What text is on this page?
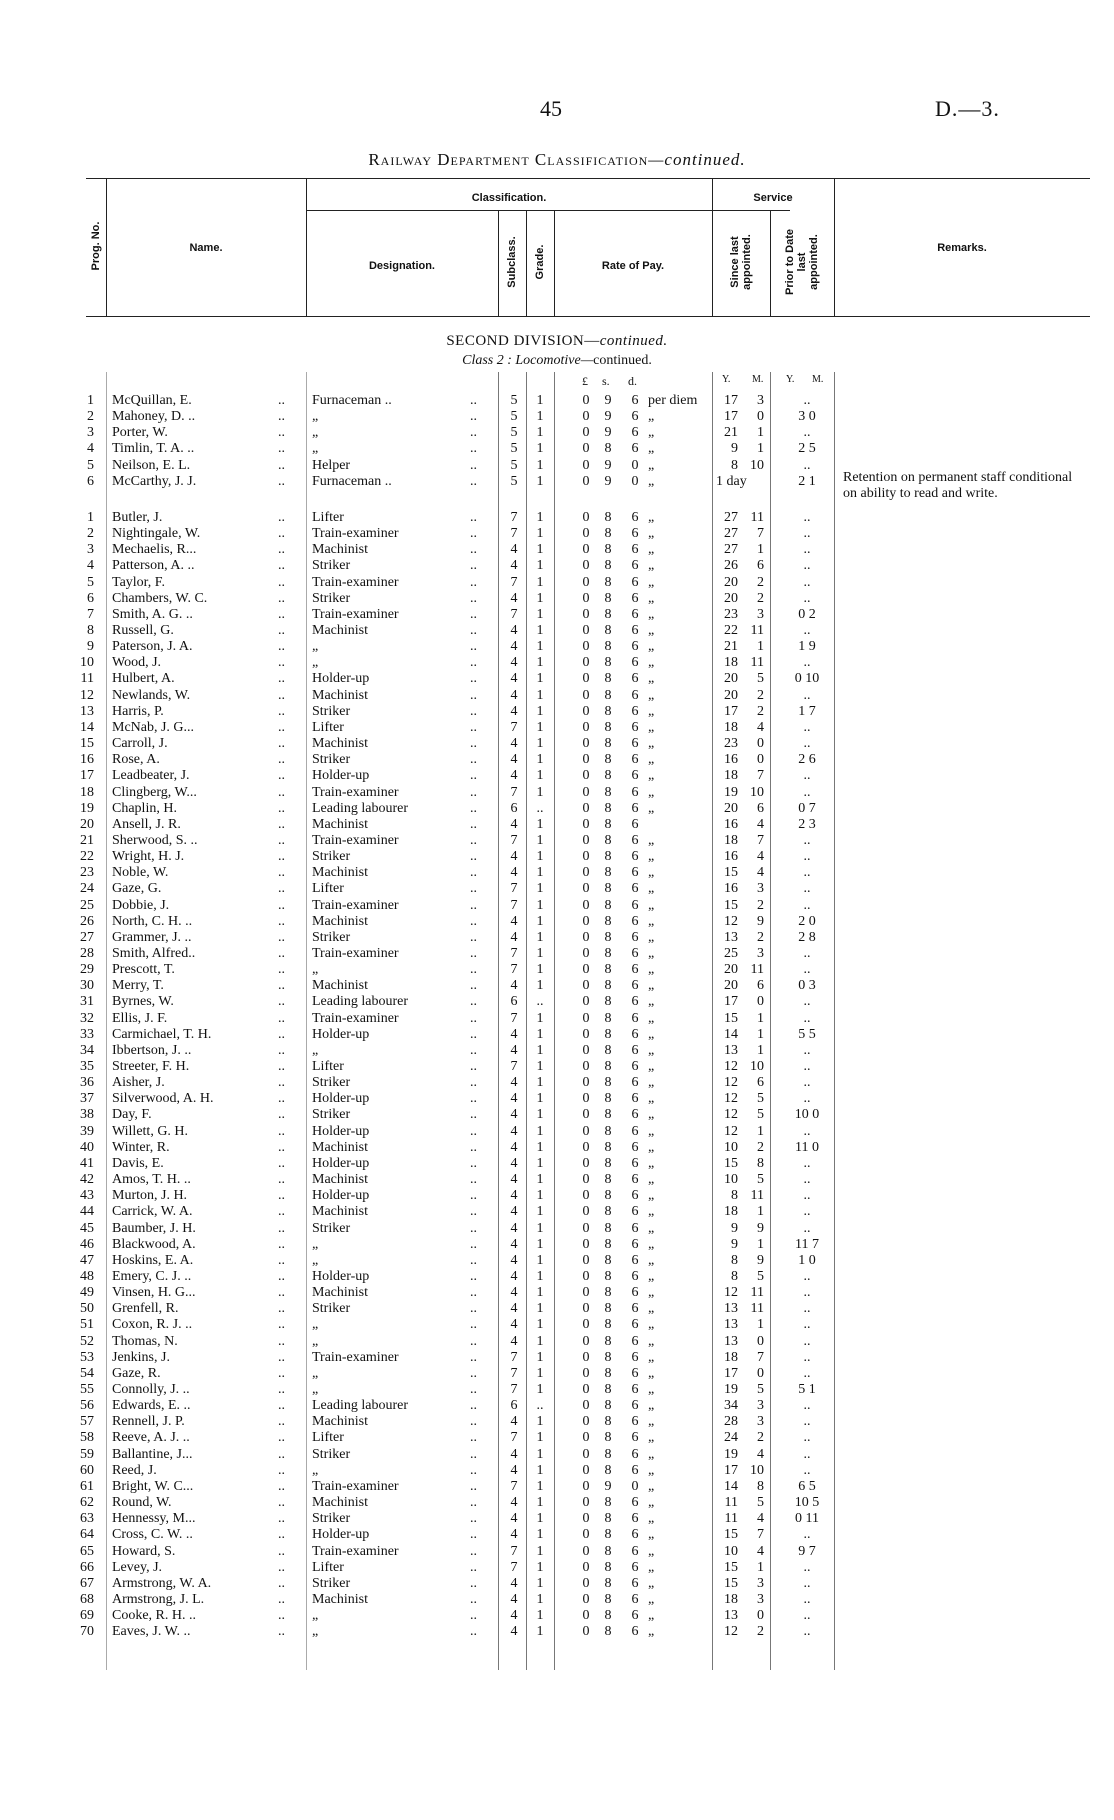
45	D.—3.
Railway Department Classification—continued.
Prog. No.	Name.
Classification.
Designation.	Subclass. Grade.	Rate of Pay.
Service
Since last
appointed.	Prior to Date
last
appointed.	Remarks.
SECOND DIVISION—continued.
Class 2 : Locomotive—continued.
£ s. d.	Y. M. Y. M.
1 McQuillan, E.	.. Furnaceman ..	..	5	1	0	9	6 per diem	17	3	..
2 Mahoney, D. ..	.. „	..	5	1	0	9	6 „	17	0	3 0
3 Porter, W.	.. „	..	5	1	0	9	6 „	21	1	..
4 Timlin, T. A. ..	.. „	..	5	1	0	8	6 „	9	1	2 5
5 Neilson, E. L.	.. Helper	..	5	1	0	9	0 „	8 10	..
6 McCarthy, J. J.	.. Furnaceman ..	..	5	1	0	9	0 „	1 day	2 1
1 Butler, J.	.. Lifter	..	7	1	0	8	6 „	27 11	..
2 Nightingale, W.	.. Train-examiner	..	7	1	0	8	6 „	27	7	..
3 Mechaelis, R...	.. Machinist	..	4	1	0	8	6 „	27	1	..
4 Patterson, A. ..	.. Striker	..	4	1	0	8	6 „	26	6	..
5 Taylor, F.	.. Train-examiner	..	7	1	0	8	6 „	20	2	..
6 Chambers, W. C.	.. Striker	..	4	1	0	8	6 „	20	2	..
7 Smith, A. G. ..	.. Train-examiner	..	7	1	0	8	6 „	23	3	0 2
8 Russell, G.	.. Machinist	..	4	1	0	8	6 „	22 11	..
9 Paterson, J. A.	.. „	..	4	1	0	8	6 „	21	1	1 9
10 Wood, J.	.. „	..	4	1	0	8	6 „	18 11	..
11 Hulbert, A.	.. Holder-up	..	4	1	0	8	6 „	20	5	0 10
12 Newlands, W.	.. Machinist	..	4	1	0	8	6 „	20	2	..
13 Harris, P.	.. Striker	..	4	1	0	8	6 „	17	2	1 7
14 McNab, J. G...	.. Lifter	..	7	1	0	8	6 „	18	4	..
15 Carroll, J.	.. Machinist	..	4	1	0	8	6 „	23	0	..
16 Rose, A.	.. Striker	..	4	1	0	8	6 „	16	0	2 6
17 Leadbeater, J.	.. Holder-up	..	4	1	0	8	6 „	18	7	..
18 Clingberg, W...	.. Train-examiner	..	7	1	0	8	6 „	19 10	..
19 Chaplin, H.	.. Leading labourer	..	6	..	0	8	6 „	20	6	0 7
20 Ansell, J. R.	.. Machinist	..	4	1	0	8	6	16	4	2 3
21 Sherwood, S. ..	.. Train-examiner	..	7	1	0	8	6 „	18	7	..
22 Wright, H. J.	.. Striker	..	4	1	0	8	6 „	16	4	..
23 Noble, W.	.. Machinist	..	4	1	0	8	6 „	15	4	..
24 Gaze, G.	.. Lifter	..	7	1	0	8	6 „	16	3	..
25 Dobbie, J.	.. Train-examiner	..	7	1	0	8	6 „	15	2	..
26 North, C. H. ..	.. Machinist	..	4	1	0	8	6 „	12	9	2 0
27 Grammer, J. ..	.. Striker	..	4	1	0	8	6 „	13	2	2 8
28 Smith, Alfred..	.. Train-examiner	..	7	1	0	8	6 „	25	3	..
29 Prescott, T.	.. „	..	7	1	0	8	6 „	20 11	..
30 Merry, T.	.. Machinist	..	4	1	0	8	6 „	20	6	0 3
31 Byrnes, W.	.. Leading labourer	..	6	..	0	8	6 „	17	0	..
32 Ellis, J. F.	.. Train-examiner	..	7	1	0	8	6 „	15	1	..
33 Carmichael, T. H.	.. Holder-up	..	4	1	0	8	6 „	14	1	5 5
34 Ibbertson, J. ..	.. „	..	4	1	0	8	6 „	13	1	..
35 Streeter, F. H.	.. Lifter	..	7	1	0	8	6 „	12 10	..
36 Aisher, J.	.. Striker	..	4	1	0	8	6 „	12	6	..
37 Silverwood, A. H.	.. Holder-up	..	4	1	0	8	6 „	12	5	..
38 Day, F.	.. Striker	..	4	1	0	8	6 „	12	5	10 0
39 Willett, G. H.	.. Holder-up	..	4	1	0	8	6 „	12	1	..
40 Winter, R.	.. Machinist	..	4	1	0	8	6 „	10	2	11 0
41 Davis, E.	.. Holder-up	..	4	1	0	8	6 „	15	8	..
42 Amos, T. H. ..	.. Machinist	..	4	1	0	8	6 „	10	5	..
43 Murton, J. H.	.. Holder-up	..	4	1	0	8	6 „	8 11	..
44 Carrick, W. A.	.. Machinist	..	4	1	0	8	6 „	18	1	..
45 Baumber, J. H.	.. Striker	..	4	1	0	8	6 „	9	9	..
46 Blackwood, A.	.. „	..	4	1	0	8	6 „	9	1	11 7
47 Hoskins, E. A.	.. „	..	4	1	0	8	6 „	8	9	1 0
48 Emery, C. J. ..	.. Holder-up	..	4	1	0	8	6 „	8	5	..
49 Vinsen, H. G...	.. Machinist	..	4	1	0	8	6 „	12 11	..
50 Grenfell, R.	.. Striker	..	4	1	0	8	6 „	13 11	..
51 Coxon, R. J. ..	.. „	..	4	1	0	8	6 „	13	1	..
52 Thomas, N.	.. „	..	4	1	0	8	6 „	13	0	..
53 Jenkins, J.	.. Train-examiner	..	7	1	0	8	6 „	18	7	..
54 Gaze, R.	.. „	..	7	1	0	8	6 „	17	0	..
55 Connolly, J. ..	.. „	..	7	1	0	8	6 „	19	5	5 1
56 Edwards, E. ..	.. Leading labourer	..	6	..	0	8	6 „	34	3	..
57 Rennell, J. P.	.. Machinist	..	4	1	0	8	6 „	28	3	..
58 Reeve, A. J. ..	.. Lifter	..	7	1	0	8	6 „	24	2	..
59 Ballantine, J...	.. Striker	..	4	1	0	8	6 „	19	4	..
60 Reed, J.	.. „	..	4	1	0	8	6 „	17 10	..
61 Bright, W. C...	.. Train-examiner	..	7	1	0	9	0 „	14	8	6 5
62 Round, W.	.. Machinist	..	4	1	0	8	6 „	11	5	10 5
63 Hennessy, M...	.. Striker	..	4	1	0	8	6 „	11	4	0 11
64 Cross, C. W. ..	.. Holder-up	..	4	1	0	8	6 „	15	7	..
65 Howard, S.	.. Train-examiner	..	7	1	0	8	6 „	10	4	9 7
66 Levey, J.	.. Lifter	..	7	1	0	8	6 „	15	1	..
67 Armstrong, W. A.	.. Striker	..	4	1	0	8	6 „	15	3	..
68 Armstrong, J. L.	.. Machinist	..	4	1	0	8	6 „	18	3	..
69 Cooke, R. H. ..	.. „	..	4	1	0	8	6 „	13	0	..
70 Eaves, J. W. ..	.. „	..	4	1	0	8	6 „	12	2	..
Retention on permanent staff conditional on ability to read and write.
